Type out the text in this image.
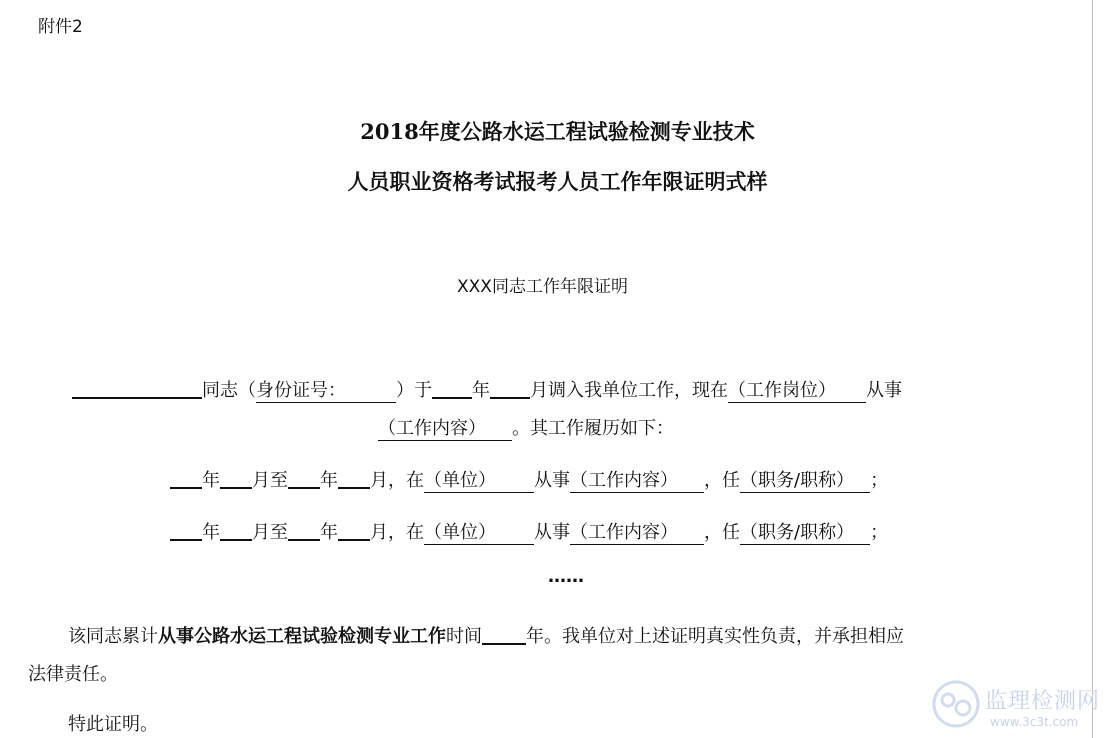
附件2
2018年度公路水运工程试验检测专业技术
人员职业资格考试报考人员工作年限证明式样
XXX同志工作年限证明
同志（身份证号：	）于 年 月调入我单位工作，现在（工作岗位） 从事
（工作内容） 。其工作履历如下：
年 月至 年 月，在（单位） 从事（工作内容） ，任（职务/职称） ；
年 月至 年 月，在（单位） 从事（工作内容） ，任（职务/职称） ；
……
该同志累计从事公路水运工程试验检测专业工作时间 年。我单位对上述证明真实性负责，并承担相应
法律责任。
特此证明。
监理检测网
www.3c3t.com
